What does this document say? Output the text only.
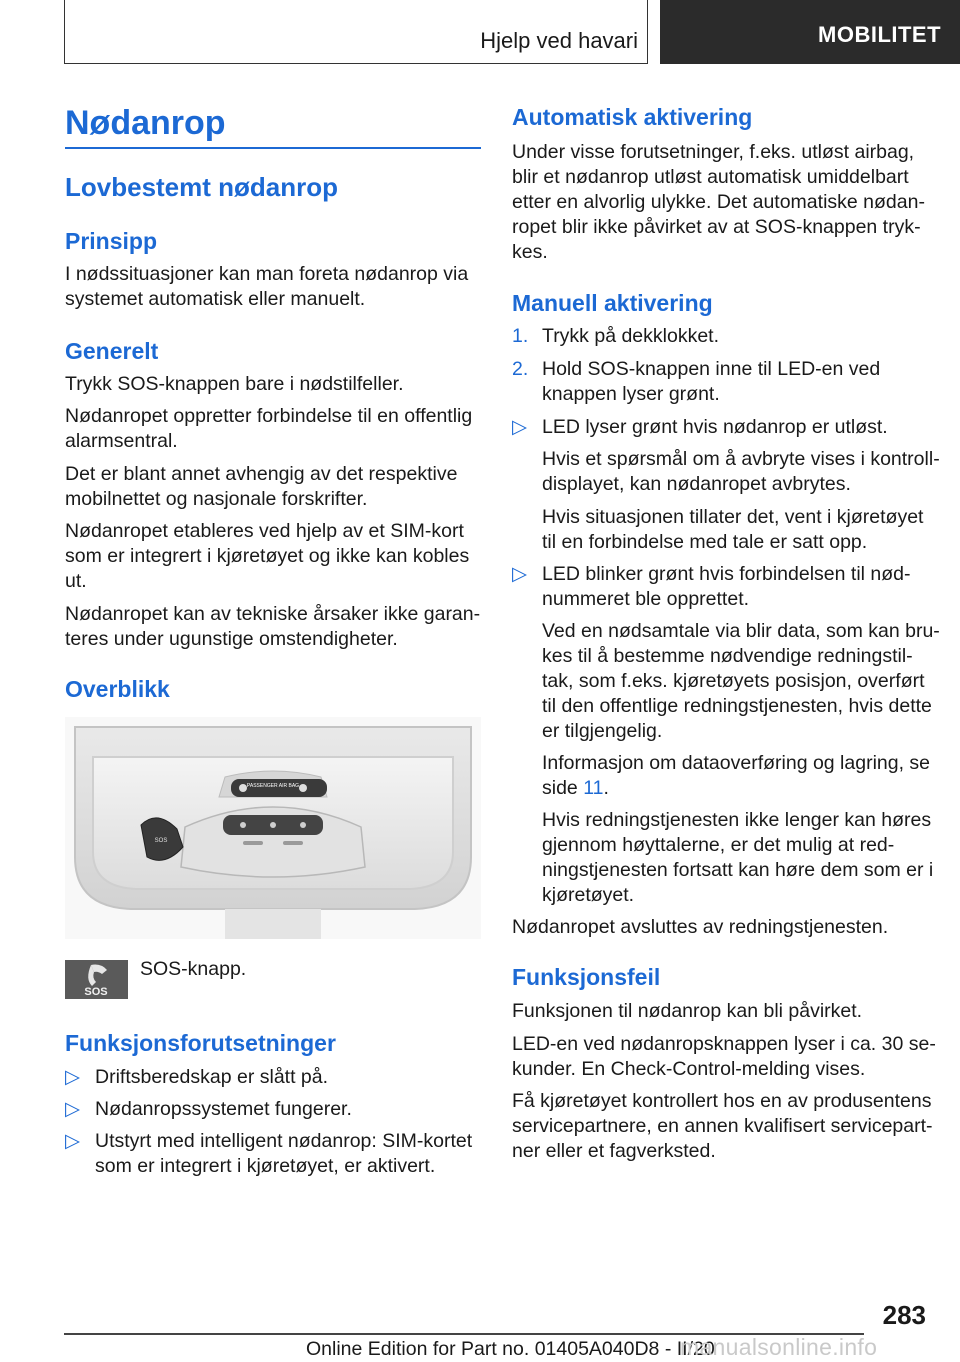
Hjelp ved havari	MOBILITET
Nødanrop
Lovbestemt nødanrop
Prinsipp
I nødssituasjoner kan man foreta nødanrop via
systemet automatisk eller manuelt.
Generelt
Trykk SOS-knappen bare i nødstilfeller.
Nødanropet oppretter forbindelse til en offentlig
alarmsentral.
Det er blant annet avhengig av det respektive
mobilnettet og nasjonale forskrifter.
Nødanropet etableres ved hjelp av et SIM-kort
som er integrert i kjøretøyet og ikke kan kobles
ut.
Nødanropet kan av tekniske årsaker ikke garan-
teres under ugunstige omstendigheter.
Overblikk
PASSENGER AIR BAG
SOS
SOS
SOS-knapp.
Funksjonsforutsetninger
▷ Driftsberedskap er slått på.
▷ Nødanropssystemet fungerer.
▷ Utstyrt med intelligent nødanrop: SIM-kortet
som er integrert i kjøretøyet, er aktivert.
Automatisk aktivering
Under visse forutsetninger, f.eks. utløst airbag,
blir et nødanrop utløst automatisk umiddelbart
etter en alvorlig ulykke. Det automatiske nødan-
ropet blir ikke påvirket av at SOS-knappen tryk-
kes.
Manuell aktivering
1. Trykk på dekklokket.
2. Hold SOS-knappen inne til LED-en ved
knappen lyser grønt.
▷ LED lyser grønt hvis nødanrop er utløst.
Hvis et spørsmål om å avbryte vises i kontroll-
displayet, kan nødanropet avbrytes.
Hvis situasjonen tillater det, vent i kjøretøyet
til en forbindelse med tale er satt opp.
▷ LED blinker grønt hvis forbindelsen til nød-
nummeret ble opprettet.
Ved en nødsamtale via blir data, som kan bru-
kes til å bestemme nødvendige redningstil-
tak, som f.eks. kjøretøyets posisjon, overført
til den offentlige redningstjenesten, hvis dette
er tilgjengelig.
Informasjon om dataoverføring og lagring, se
side 11.
Hvis redningstjenesten ikke lenger kan høres
gjennom høyttalerne, er det mulig at red-
ningstjenesten fortsatt kan høre dem som er i
kjøretøyet.
Nødanropet avsluttes av redningstjenesten.
Funksjonsfeil
Funksjonen til nødanrop kan bli påvirket.
LED-en ved nødanropsknappen lyser i ca. 30 se-
kunder. En Check-Control-melding vises.
Få kjøretøyet kontrollert hos en av produsentens
servicepartnere, en annen kvalifisert servicepart-
ner eller et fagverksted.
283
Online Edition for Part no. 01405A040D8 - II/20
manualsonline.info
